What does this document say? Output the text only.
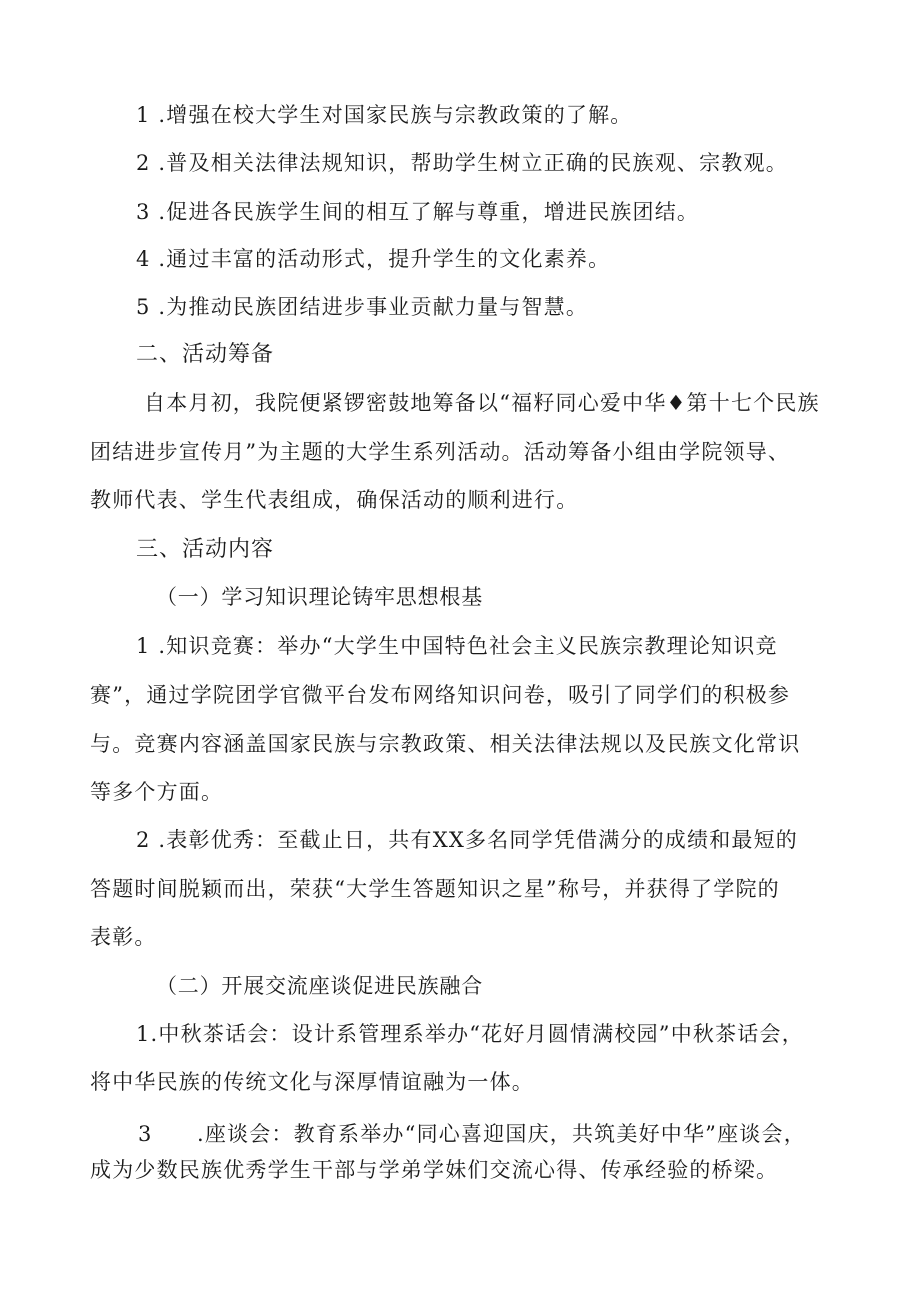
1 .增强在校大学生对国家民族与宗教政策的了解。

2 .普及相关法律法规知识，帮助学生树立正确的民族观、宗教观。

3 .促进各民族学生间的相互了解与尊重，增进民族团结。

4 .通过丰富的活动形式，提升学生的文化素养。

5 .为推动民族团结进步事业贡献力量与智慧。

二、活动筹备

自本月初，我院便紧锣密鼓地筹备以“福籽同心爱中华♦第十七个民族

团结进步宣传月”为主题的大学生系列活动。活动筹备小组由学院领导、

教师代表、学生代表组成，确保活动的顺利进行。

三、活动内容

（一）学习知识理论铸牢思想根基

1 .知识竞赛：举办“大学生中国特色社会主义民族宗教理论知识竞

赛”，通过学院团学官微平台发布网络知识问卷，吸引了同学们的积极参

与。竞赛内容涵盖国家民族与宗教政策、相关法律法规以及民族文化常识

等多个方面。

2 .表彰优秀：至截止日，共有XX多名同学凭借满分的成绩和最短的

答题时间脱颖而出，荣获“大学生答题知识之星”称号，并获得了学院的

表彰。

（二）开展交流座谈促进民族融合

1.中秋茶话会：设计系管理系举办“花好月圆情满校园”中秋茶话会，

将中华民族的传统文化与深厚情谊融为一体。

3　　.座谈会：教育系举办“同心喜迎国庆，共筑美好中华”座谈会，

成为少数民族优秀学生干部与学弟学妹们交流心得、传承经验的桥梁。
